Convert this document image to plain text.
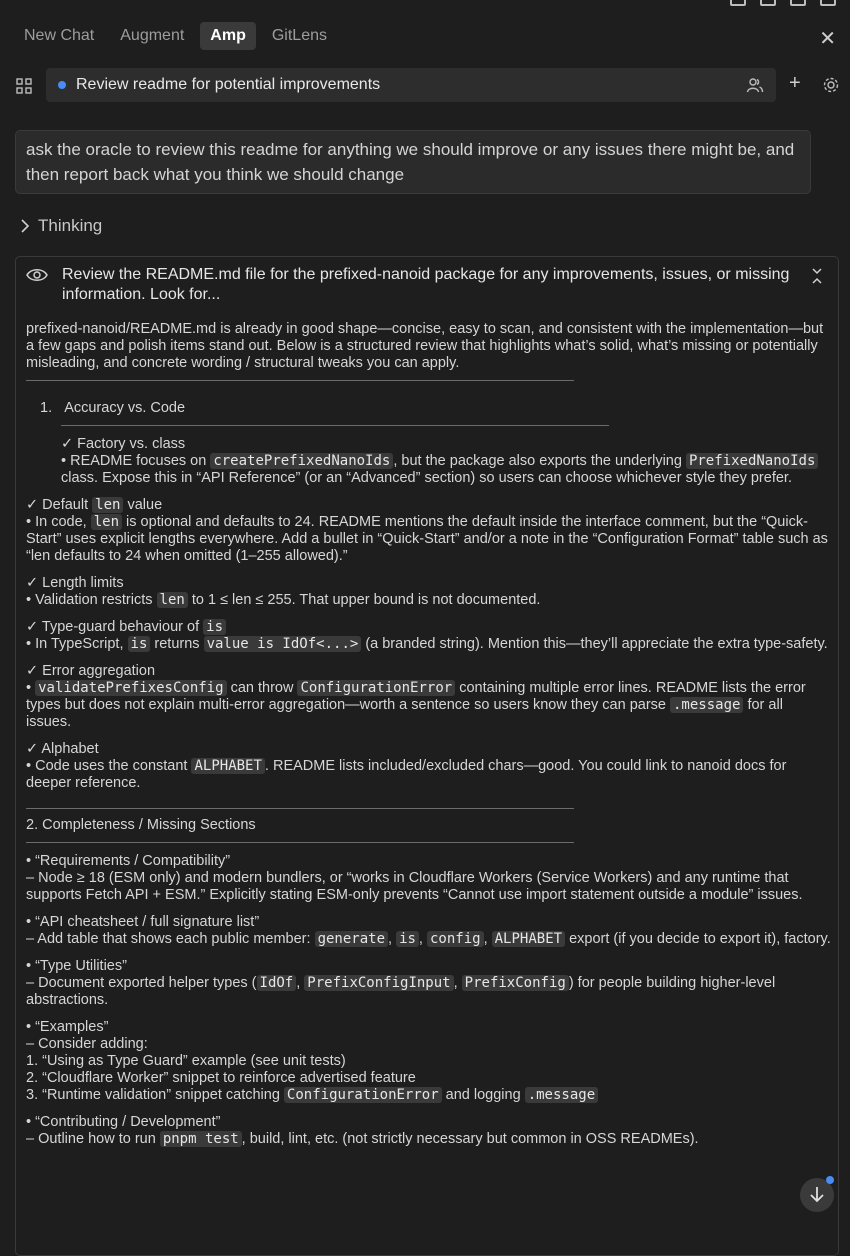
New Chat	Augment	Amp	GitLens	✕
Review readme for potential improvements	+
ask the oracle to review this readme for anything we should improve or any issues there might be, and then report back what you think we should change
Thinking
Review the README.md file for the prefixed-nanoid package for any improvements, issues, or missing information. Look for...

prefixed-nanoid/README.md is already in good shape—concise, easy to scan, and consistent with the implementation—but a few gaps and polish items stand out. Below is a structured review that highlights what’s solid, what’s missing or potentially misleading, and concrete wording / structural tweaks you can apply.

1. Accuracy vs. Code
✓ Factory vs. class
• README focuses on createPrefixedNanoIds , but the package also exports the underlying PrefixedNanoIds
class. Expose this in “API Reference” (or an “Advanced” section) so users can choose whichever style they prefer.
✓ Default len value
• In code, len is optional and defaults to 24. README mentions the default inside the interface comment, but the “Quick-Start” uses explicit lengths everywhere. Add a bullet in “Quick-Start” and/or a note in the “Configuration Format” table such as “len defaults to 24 when omitted (1–255 allowed).”
✓ Length limits
• Validation restricts len to 1 ≤ len ≤ 255. That upper bound is not documented.
✓ Type-guard behaviour of is
• In TypeScript, is returns value is IdOf<...> (a branded string). Mention this—they’ll appreciate the extra type-safety.
✓ Error aggregation
• validatePrefixesConfig can throw ConfigurationError containing multiple error lines. README lists the error types but does not explain multi-error aggregation—worth a sentence so users know they can parse .message for all issues.
✓ Alphabet
• Code uses the constant ALPHABET . README lists included/excluded chars—good. You could link to nanoid docs for deeper reference.
2. Completeness / Missing Sections
• “Requirements / Compatibility”
– Node ≥ 18 (ESM only) and modern bundlers, or “works in Cloudflare Workers (Service Workers) and any runtime that supports Fetch API + ESM.” Explicitly stating ESM-only prevents “Cannot use import statement outside a module” issues.
• “API cheatsheet / full signature list”
– Add table that shows each public member: generate , is , config , ALPHABET export (if you decide to export it), factory.
• “Type Utilities”
– Document exported helper types ( IdOf , PrefixConfigInput , PrefixConfig ) for people building higher-level abstractions.
• “Examples”
– Consider adding:
1. “Using as Type Guard” example (see unit tests)
2. “Cloudflare Worker” snippet to reinforce advertised feature
3. “Runtime validation” snippet catching ConfigurationError and logging .message
• “Contributing / Development”
– Outline how to run pnpm test , build, lint, etc. (not strictly necessary but common in OSS READMEs).
